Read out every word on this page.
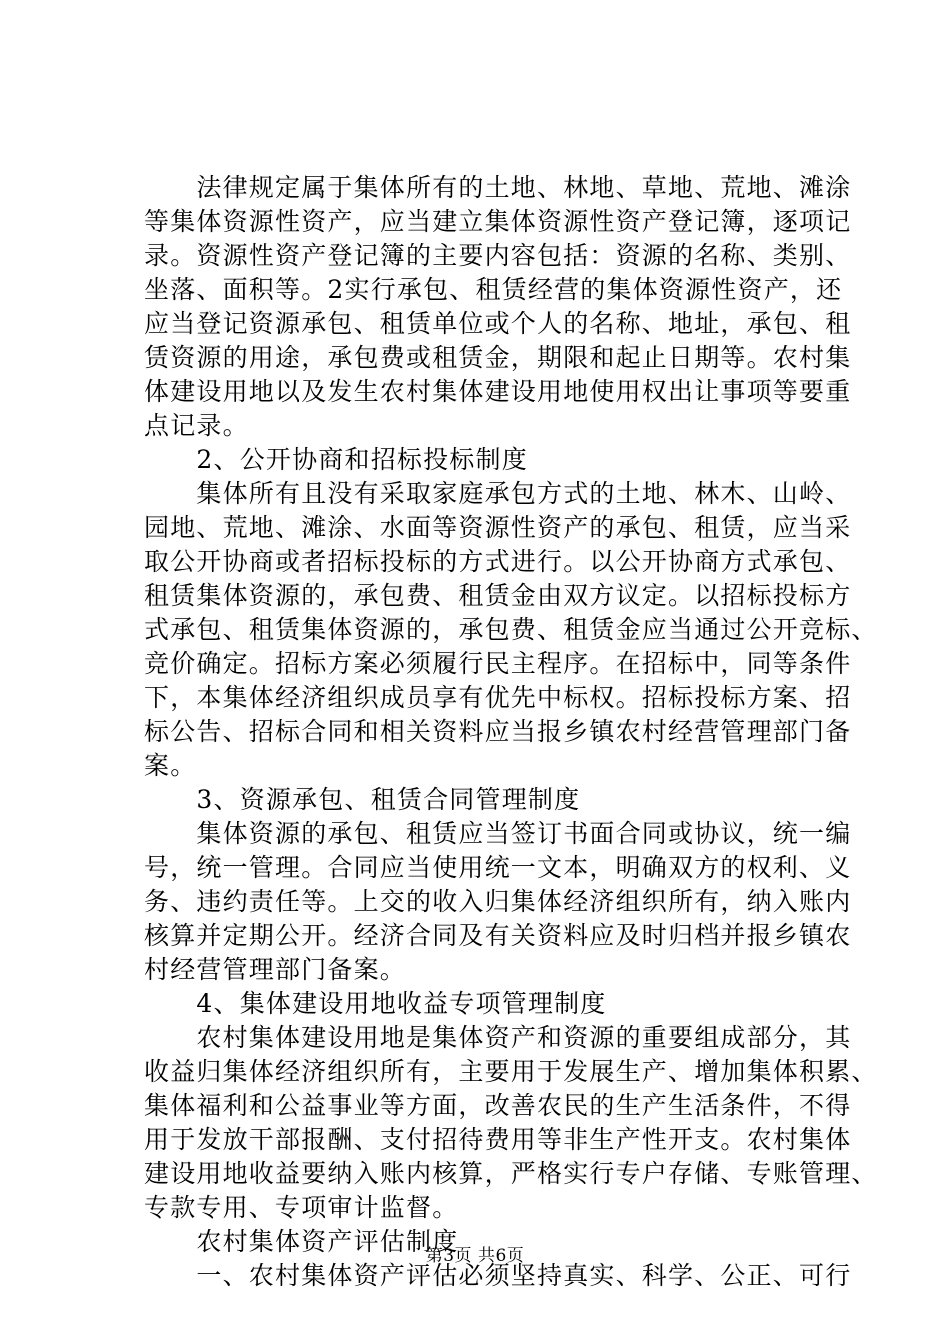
　　法律规定属于集体所有的土地、林地、草地、荒地、滩涂
等集体资源性资产，应当建立集体资源性资产登记簿，逐项记
录。资源性资产登记簿的主要内容包括：资源的名称、类别、
坐落、面积等。2实行承包、租赁经营的集体资源性资产，还
应当登记资源承包、租赁单位或个人的名称、地址，承包、租
赁资源的用途，承包费或租赁金，期限和起止日期等。农村集
体建设用地以及发生农村集体建设用地使用权出让事项等要重
点记录。
　　2、公开协商和招标投标制度
　　集体所有且没有采取家庭承包方式的土地、林木、山岭、
园地、荒地、滩涂、水面等资源性资产的承包、租赁，应当采
取公开协商或者招标投标的方式进行。以公开协商方式承包、
租赁集体资源的，承包费、租赁金由双方议定。以招标投标方
式承包、租赁集体资源的，承包费、租赁金应当通过公开竞标、
竞价确定。招标方案必须履行民主程序。在招标中，同等条件
下，本集体经济组织成员享有优先中标权。招标投标方案、招
标公告、招标合同和相关资料应当报乡镇农村经营管理部门备
案。
　　3、资源承包、租赁合同管理制度
　　集体资源的承包、租赁应当签订书面合同或协议，统一编
号，统一管理。合同应当使用统一文本，明确双方的权利、义
务、违约责任等。上交的收入归集体经济组织所有，纳入账内
核算并定期公开。经济合同及有关资料应及时归档并报乡镇农
村经营管理部门备案。
　　4、集体建设用地收益专项管理制度
　　农村集体建设用地是集体资产和资源的重要组成部分，其
收益归集体经济组织所有，主要用于发展生产、增加集体积累、
集体福利和公益事业等方面，改善农民的生产生活条件，不得
用于发放干部报酬、支付招待费用等非生产性开支。农村集体
建设用地收益要纳入账内核算，严格实行专户存储、专账管理、
专款专用、专项审计监督。
　　农村集体资产评估制度
　　一、农村集体资产评估必须坚持真实、科学、公正、可行
第3页 共6页
